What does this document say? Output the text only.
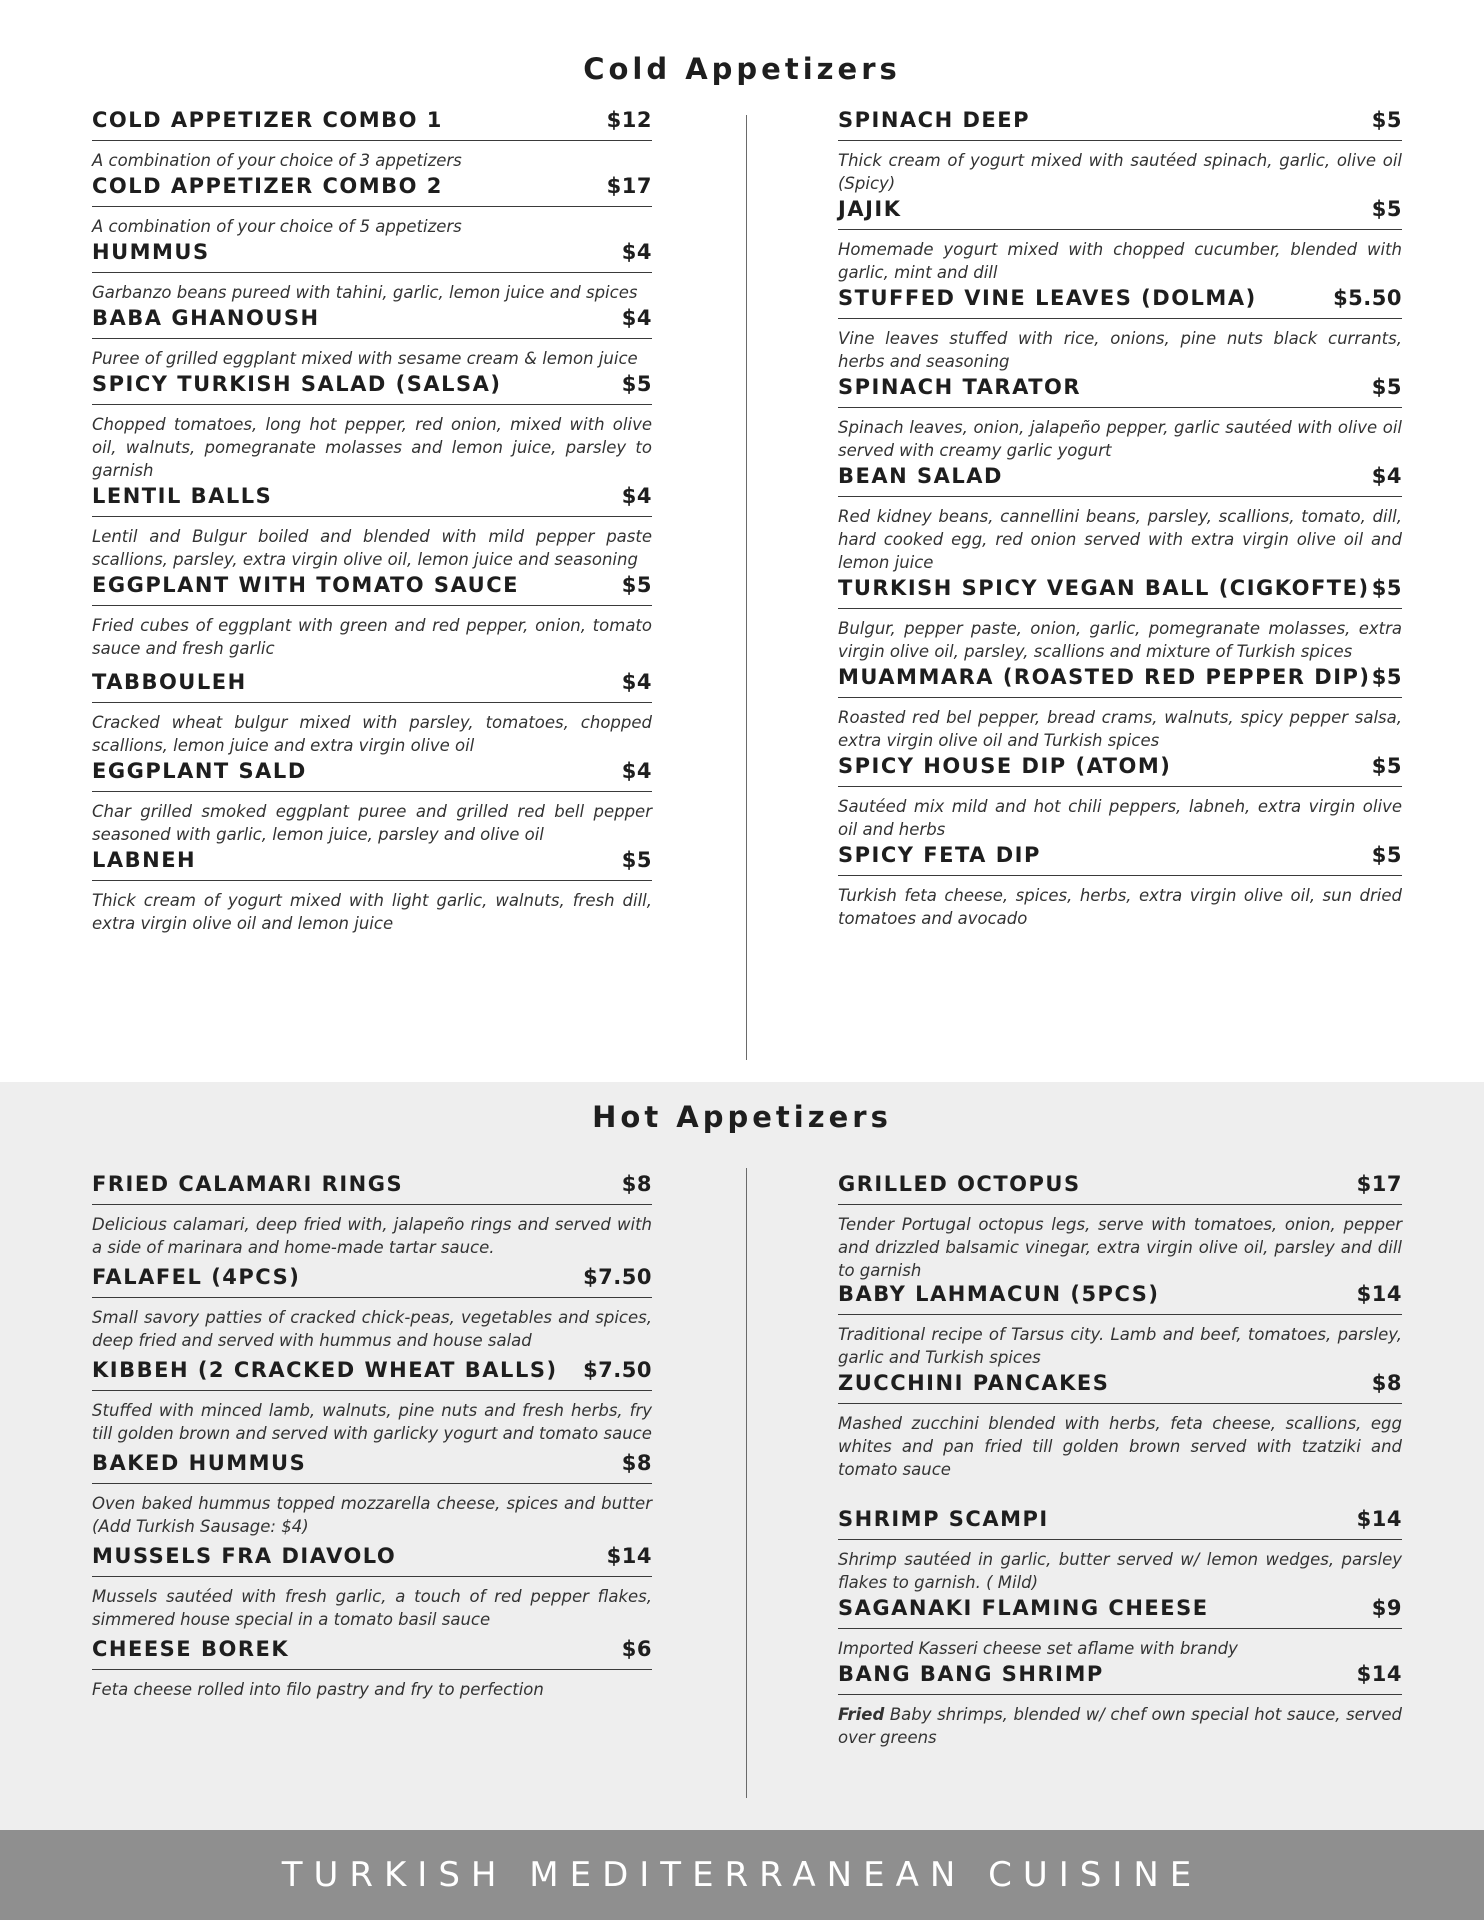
Cold Appetizers
COLD APPETIZER COMBO 1	$12
A combination of your choice of 3 appetizers
COLD APPETIZER COMBO 2	$17
A combination of your choice of 5 appetizers
HUMMUS	$4
Garbanzo beans pureed with tahini, garlic, lemon juice and spices
BABA GHANOUSH	$4
Puree of grilled eggplant mixed with sesame cream & lemon juice
SPICY TURKISH SALAD (SALSA)	$5
Chopped tomatoes, long hot pepper, red onion, mixed with olive oil, walnuts, pomegranate molasses and lemon juice, parsley to garnish
LENTIL BALLS	$4
Lentil and Bulgur boiled and blended with mild pepper paste scallions, parsley, extra virgin olive oil, lemon juice and seasoning
EGGPLANT WITH TOMATO SAUCE	$5
Fried cubes of eggplant with green and red pepper, onion, tomato sauce and fresh garlic
TABBOULEH	$4
Cracked wheat bulgur mixed with parsley, tomatoes, chopped scallions, lemon juice and extra virgin olive oil
EGGPLANT SALD	$4
Char grilled smoked eggplant puree and grilled red bell pepper seasoned with garlic, lemon juice, parsley and olive oil
LABNEH	$5
Thick cream of yogurt mixed with light garlic, walnuts, fresh dill, extra virgin olive oil and lemon juice
SPINACH DEEP	$5
Thick cream of yogurt mixed with sautéed spinach, garlic, olive oil (Spicy)
JAJIK	$5
Homemade yogurt mixed with chopped cucumber, blended with garlic, mint and dill
STUFFED VINE LEAVES (DOLMA)	$5.50
Vine leaves stuffed with rice, onions, pine nuts black currants, herbs and seasoning
SPINACH TARATOR	$5
Spinach leaves, onion, jalapeño pepper, garlic sautéed with olive oil served with creamy garlic yogurt
BEAN SALAD	$4
Red kidney beans, cannellini beans, parsley, scallions, tomato, dill, hard cooked egg, red onion served with extra virgin olive oil and lemon juice
TURKISH SPICY VEGAN BALL (CIGKOFTE) $5
Bulgur, pepper paste, onion, garlic, pomegranate molasses, extra virgin olive oil, parsley, scallions and mixture of Turkish spices
MUAMMARA (ROASTED RED PEPPER DIP) $5
Roasted red bel pepper, bread crams, walnuts, spicy pepper salsa, extra virgin olive oil and Turkish spices
SPICY HOUSE DIP (ATOM)	$5
Sautéed mix mild and hot chili peppers, labneh, extra virgin olive oil and herbs
SPICY FETA DIP	$5
Turkish feta cheese, spices, herbs, extra virgin olive oil, sun dried tomatoes and avocado
Hot Appetizers
FRIED CALAMARI RINGS	$8
Delicious calamari, deep fried with, jalapeño rings and served with a side of marinara and home-made tartar sauce.
FALAFEL (4PCS)	$7.50
Small savory patties of cracked chick-peas, vegetables and spices, deep fried and served with hummus and house salad
KIBBEH (2 CRACKED WHEAT BALLS) $7.50
Stuffed with minced lamb, walnuts, pine nuts and fresh herbs, fry till golden brown and served with garlicky yogurt and tomato sauce
BAKED HUMMUS	$8
Oven baked hummus topped mozzarella cheese, spices and butter (Add Turkish Sausage: $4)
MUSSELS FRA DIAVOLO	$14
Mussels sautéed with fresh garlic, a touch of red pepper flakes, simmered house special in a tomato basil sauce
CHEESE BOREK	$6
Feta cheese rolled into filo pastry and fry to perfection
GRILLED OCTOPUS	$17
Tender Portugal octopus legs, serve with tomatoes, onion, pepper and drizzled balsamic vinegar, extra virgin olive oil, parsley and dill to garnish
BABY LAHMACUN (5PCS)	$14
Traditional recipe of Tarsus city. Lamb and beef, tomatoes, parsley, garlic and Turkish spices
ZUCCHINI PANCAKES	$8
Mashed zucchini blended with herbs, feta cheese, scallions, egg whites and pan fried till golden brown served with tzatziki and tomato sauce
SHRIMP SCAMPI	$14
Shrimp sautéed in garlic, butter served w/ lemon wedges, parsley flakes to garnish. ( Mild)
SAGANAKI FLAMING CHEESE	$9
Imported Kasseri cheese set aflame with brandy
BANG BANG SHRIMP	$14
Fried Baby shrimps, blended w/ chef own special hot sauce, served over greens
TURKISH MEDITERRANEAN CUISINE
